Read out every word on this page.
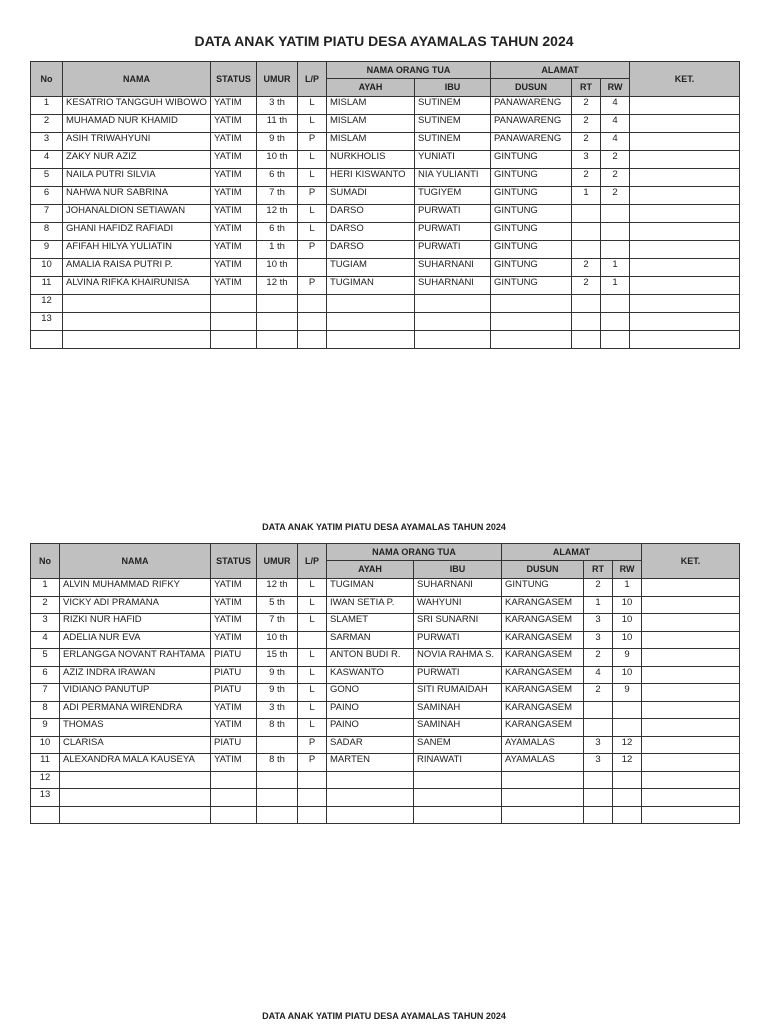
DATA ANAK YATIM PIATU DESA AYAMALAS TAHUN 2024
No	NAMA	STATUS	UMUR	L/P	NAMA ORANG TUA		ALAMAT			KET.
					AYAH	IBU	DUSUN	RT	RW	
1	KESATRIO TANGGUH WIBOWO	YATIM	3 th	L	MISLAM	SUTINEM	PANAWARENG	2	4	
2	MUHAMAD NUR KHAMID	YATIM	11 th	L	MISLAM	SUTINEM	PANAWARENG	2	4	
3	ASIH TRIWAHYUNI	YATIM	9 th	P	MISLAM	SUTINEM	PANAWARENG	2	4	
4	ZAKY NUR AZIZ	YATIM	10 th	L	NURKHOLIS	YUNIATI	GINTUNG	3	2	
5	NAILA PUTRI SILVIA	YATIM	6 th	L	HERI KISWANTO	NIA YULIANTI	GINTUNG	2	2	
6	NAHWA NUR SABRINA	YATIM	7 th	P	SUMADI	TUGIYEM	GINTUNG	1	2	
7	JOHANALDION SETIAWAN	YATIM	12 th	L	DARSO	PURWATI	GINTUNG			
8	GHANI HAFIDZ RAFIADI	YATIM	6 th	L	DARSO	PURWATI	GINTUNG			
9	AFIFAH HILYA YULIATIN	YATIM	1 th	P	DARSO	PURWATI	GINTUNG			
10	AMALIA RAISA PUTRI P.	YATIM	10 th		TUGIAM	SUHARNANI	GINTUNG	2	1	
11	ALVINA RIFKA KHAIRUNISA	YATIM	12 th	P	TUGIMAN	SUHARNANI	GINTUNG	2	1	
12										
13										

DATA ANAK YATIM PIATU DESA AYAMALAS TAHUN 2024
No	NAMA	STATUS	UMUR	L/P	NAMA ORANG TUA		ALAMAT			KET.
					AYAH	IBU	DUSUN	RT	RW	
1	ALVIN MUHAMMAD RIFKY	YATIM	12 th	L	TUGIMAN	SUHARNANI	GINTUNG	2	1	
2	VICKY ADI PRAMANA	YATIM	5 th	L	IWAN SETIA P.	WAHYUNI	KARANGASEM	1	10	
3	RIZKI NUR HAFID	YATIM	7 th	L	SLAMET	SRI SUNARNI	KARANGASEM	3	10	
4	ADELIA NUR EVA	YATIM	10 th		SARMAN	PURWATI	KARANGASEM	3	10	
5	ERLANGGA NOVANT RAHTAMA	PIATU	15 th	L	ANTON BUDI R.	NOVIA RAHMA S.	KARANGASEM	2	9	
6	AZIZ INDRA IRAWAN	PIATU	9 th	L	KASWANTO	PURWATI	KARANGASEM	4	10	
7	VIDIANO PANUTUP	PIATU	9 th	L	GONO	SITI RUMAIDAH	KARANGASEM	2	9	
8	ADI PERMANA WIRENDRA	YATIM	3 th	L	PAINO	SAMINAH	KARANGASEM			
9	THOMAS	YATIM	8 th	L	PAINO	SAMINAH	KARANGASEM			
10	CLARISA	PIATU		P	SADAR	SANEM	AYAMALAS	3	12	
11	ALEXANDRA MALA KAUSEYA	YATIM	8 th	P	MARTEN	RINAWATI	AYAMALAS	3	12	
12										
13										

DATA ANAK YATIM PIATU DESA AYAMALAS TAHUN 2024
